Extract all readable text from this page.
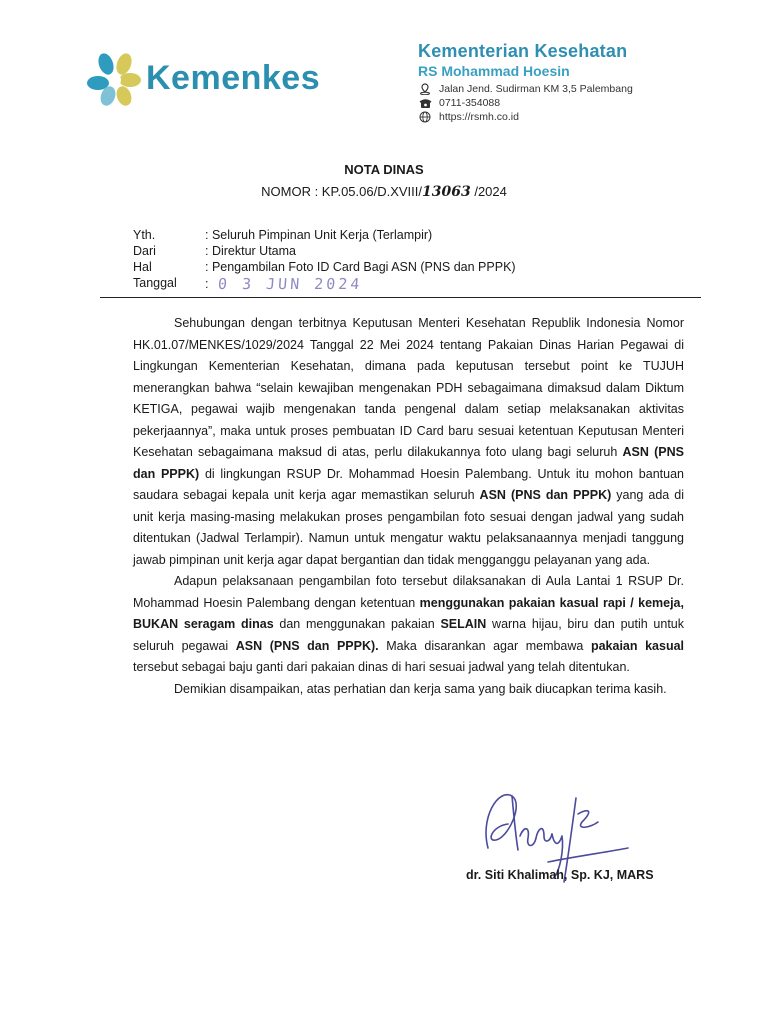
Kemenkes
Kementerian Kesehatan
RS Mohammad Hoesin
Jalan Jend. Sudirman KM 3,5 Palembang
0711-354088
https://rsmh.co.id
NOTA DINAS
NOMOR : KP.05.06/D.XVIII/13063 /2024
Yth.	: Seluruh Pimpinan Unit Kerja (Terlampir)
Dari	: Direktur Utama
Hal	: Pengambilan Foto ID Card Bagi ASN (PNS dan PPPK)
Tanggal	: 0 3 JUN 2024

Sehubungan dengan terbitnya Keputusan Menteri Kesehatan Republik Indonesia Nomor HK.01.07/MENKES/1029/2024 Tanggal 22 Mei 2024 tentang Pakaian Dinas Harian Pegawai di Lingkungan Kementerian Kesehatan, dimana pada keputusan tersebut point ke TUJUH menerangkan bahwa “selain kewajiban mengenakan PDH sebagaimana dimaksud dalam Diktum KETIGA, pegawai wajib mengenakan tanda pengenal dalam setiap melaksanakan aktivitas pekerjaannya”, maka untuk proses pembuatan ID Card baru sesuai ketentuan Keputusan Menteri Kesehatan sebagaimana maksud di atas, perlu dilakukannya foto ulang bagi seluruh ASN (PNS dan PPPK) di lingkungan RSUP Dr. Mohammad Hoesin Palembang. Untuk itu mohon bantuan saudara sebagai kepala unit kerja agar memastikan seluruh ASN (PNS dan PPPK) yang ada di unit kerja masing-masing melakukan proses pengambilan foto sesuai dengan jadwal yang sudah ditentukan (Jadwal Terlampir). Namun untuk mengatur waktu pelaksanaannya menjadi tanggung jawab pimpinan unit kerja agar dapat bergantian dan tidak mengganggu pelayanan yang ada.

Adapun pelaksanaan pengambilan foto tersebut dilaksanakan di Aula Lantai 1 RSUP Dr. Mohammad Hoesin Palembang dengan ketentuan menggunakan pakaian kasual rapi / kemeja, BUKAN seragam dinas dan menggunakan pakaian SELAIN warna hijau, biru dan putih untuk seluruh pegawai ASN (PNS dan PPPK). Maka disarankan agar membawa pakaian kasual tersebut sebagai baju ganti dari pakaian dinas di hari sesuai jadwal yang telah ditentukan.

Demikian disampaikan, atas perhatian dan kerja sama yang baik diucapkan terima kasih.

dr. Siti Khalimah, Sp. KJ, MARS
